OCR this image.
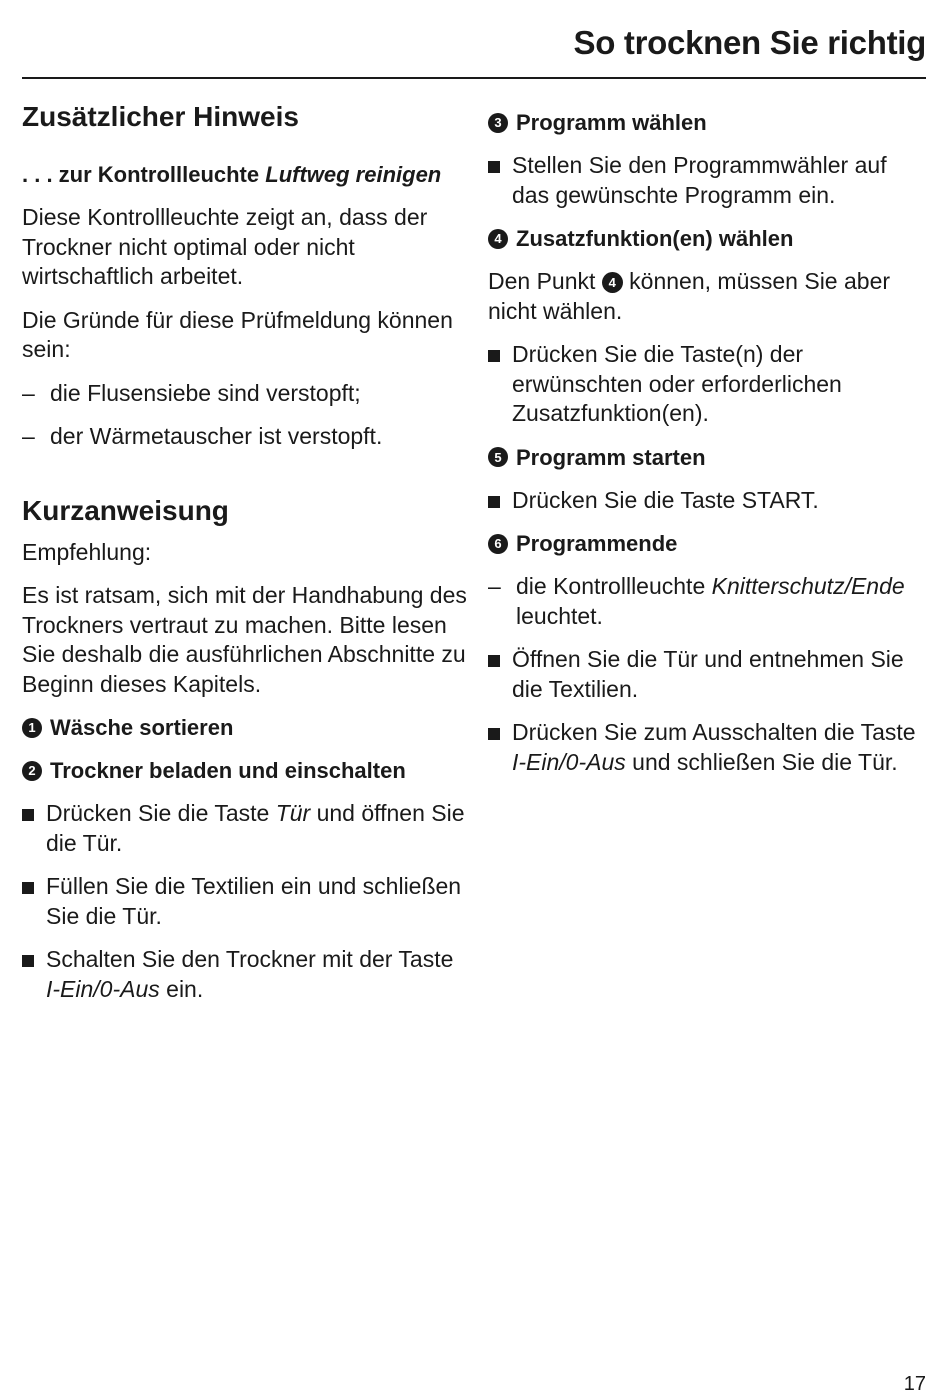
So trocknen Sie richtig
Zusätzlicher Hinweis
. . . zur Kontrollleuchte Luftweg reinigen

Diese Kontrollleuchte zeigt an, dass der Trockner nicht optimal oder nicht wirtschaftlich arbeitet.

Die Gründe für diese Prüfmeldung können sein:

– die Flusensiebe sind verstopft;
– der Wärmetauscher ist verstopft.
Kurzanweisung

Empfehlung:

Es ist ratsam, sich mit der Handhabung des Trockners vertraut zu machen. Bitte lesen Sie deshalb die ausführlichen Abschnitte zu Beginn dieses Kapitels.

1 Wäsche sortieren
2 Trockner beladen und einschalten
Drücken Sie die Taste Tür und öffnen Sie die Tür.
Füllen Sie die Textilien ein und schließen Sie die Tür.
Schalten Sie den Trockner mit der Taste I-Ein/0-Aus ein.
3 Programm wählen
Stellen Sie den Programmwähler auf das gewünschte Programm ein.
4 Zusatzfunktion(en) wählen

Den Punkt 4 können, müssen Sie aber nicht wählen.

Drücken Sie die Taste(n) der erwünschten oder erforderlichen Zusatzfunktion(en).
5 Programm starten
Drücken Sie die Taste START.
6 Programmende
– die Kontrollleuchte Knitterschutz/Ende leuchtet.
Öffnen Sie die Tür und entnehmen Sie die Textilien.
Drücken Sie zum Ausschalten die Taste I-Ein/0-Aus und schließen Sie die Tür.
17
